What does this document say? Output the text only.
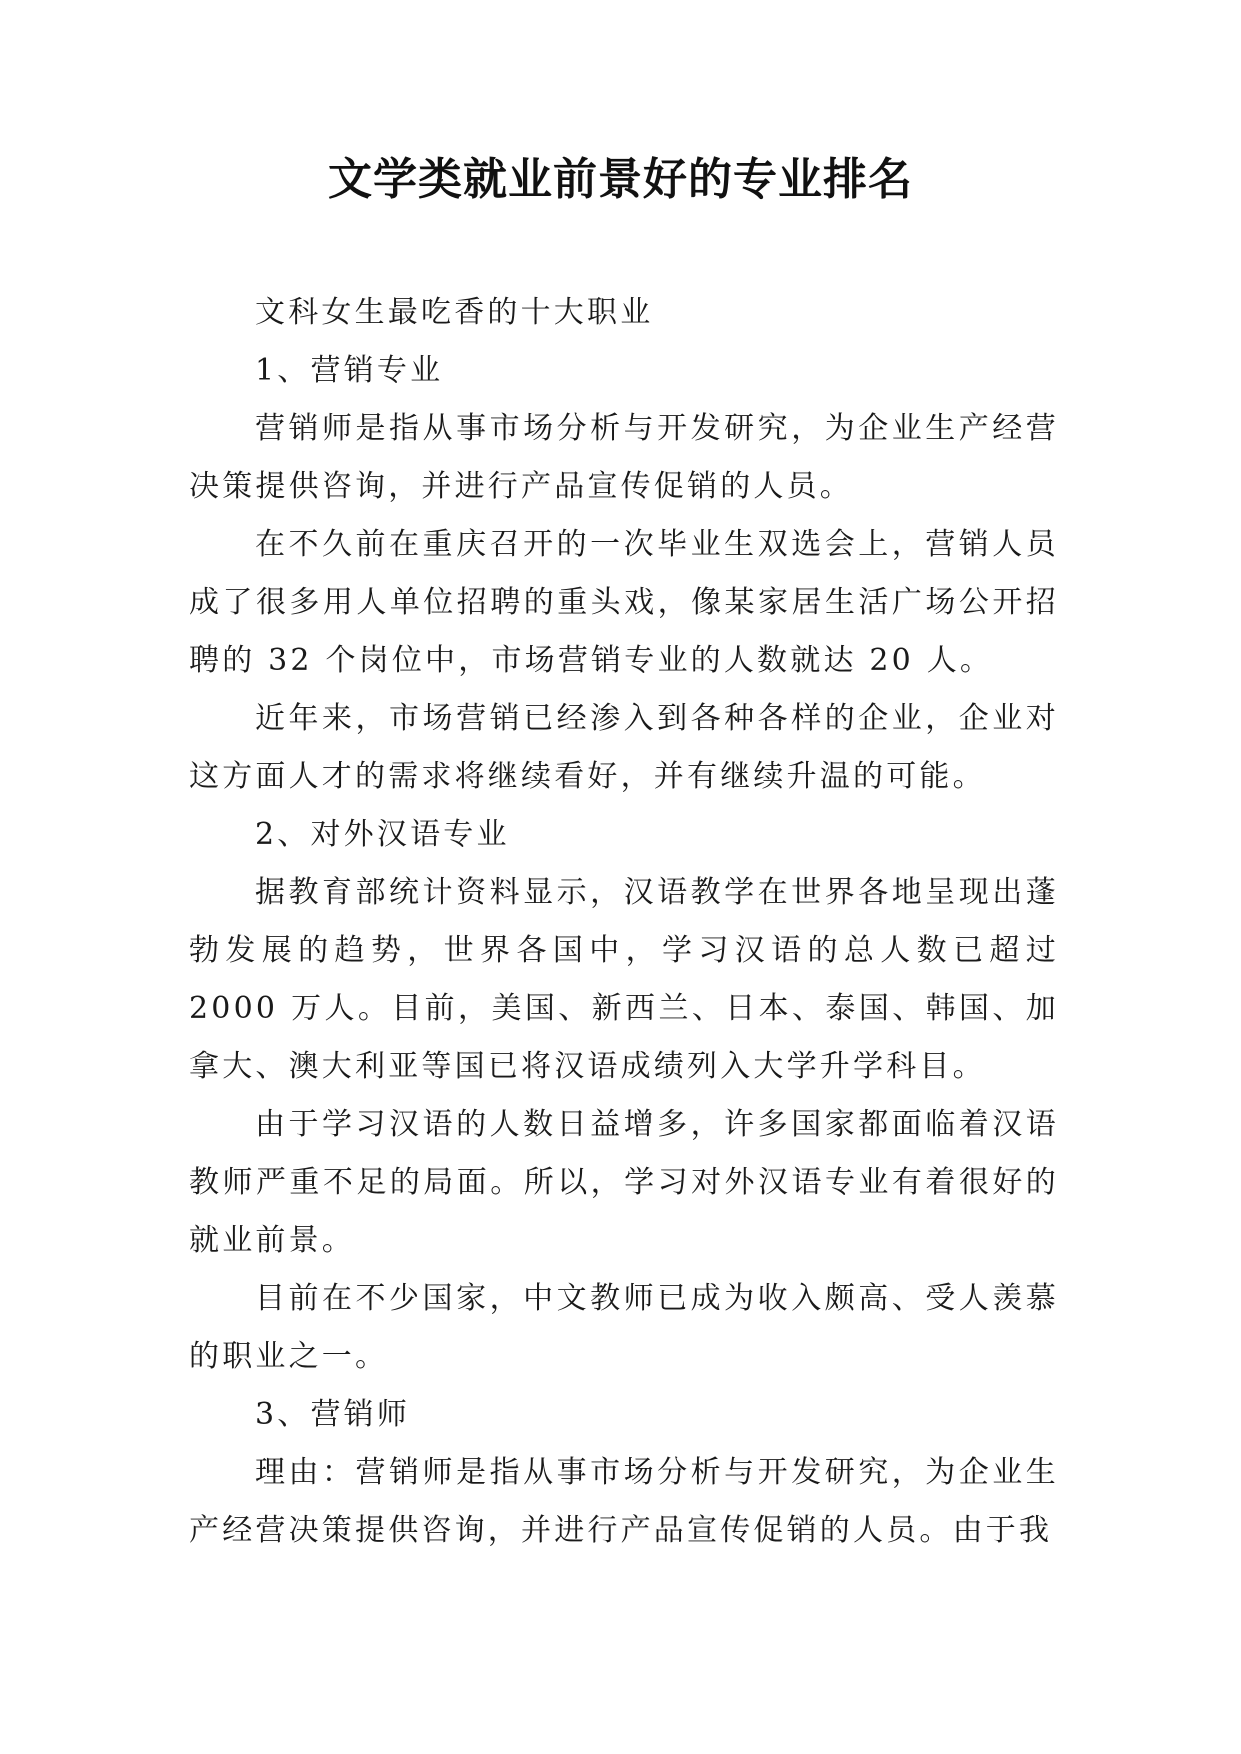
文学类就业前景好的专业排名

文科女生最吃香的十大职业

1、营销专业

营销师是指从事市场分析与开发研究，为企业生产经营决策提供咨询，并进行产品宣传促销的人员。

在不久前在重庆召开的一次毕业生双选会上，营销人员成了很多用人单位招聘的重头戏，像某家居生活广场公开招聘的 32 个岗位中，市场营销专业的人数就达 20 人。

近年来，市场营销已经渗入到各种各样的企业，企业对这方面人才的需求将继续看好，并有继续升温的可能。

2、对外汉语专业

据教育部统计资料显示，汉语教学在世界各地呈现出蓬勃发展的趋势，世界各国中，学习汉语的总人数已超过 2000 万人。目前，美国、新西兰、日本、泰国、韩国、加拿大、澳大利亚等国已将汉语成绩列入大学升学科目。

由于学习汉语的人数日益增多，许多国家都面临着汉语教师严重不足的局面。所以，学习对外汉语专业有着很好的就业前景。

目前在不少国家，中文教师已成为收入颇高、受人羡慕的职业之一。

3、营销师

理由：营销师是指从事市场分析与开发研究，为企业生产经营决策提供咨询，并进行产品宣传促销的人员。由于我
